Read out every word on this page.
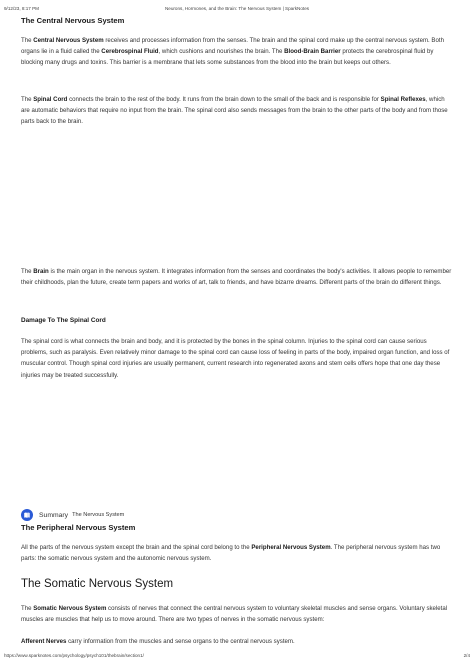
9/12/23, 8:17 PM	Neurons, Hormones, and the Brain: The Nervous System | SparkNotes
The Central Nervous System
The Central Nervous System receives and processes information from the senses. The brain and the spinal cord make up the central nervous system. Both organs lie in a fluid called the Cerebrospinal Fluid, which cushions and nourishes the brain. The Blood-Brain Barrier protects the cerebrospinal fluid by blocking many drugs and toxins. This barrier is a membrane that lets some substances from the blood into the brain but keeps out others.
The Spinal Cord connects the brain to the rest of the body. It runs from the brain down to the small of the back and is responsible for Spinal Reflexes, which are automatic behaviors that require no input from the brain. The spinal cord also sends messages from the brain to the other parts of the body and from those parts back to the brain.
The Brain is the main organ in the nervous system. It integrates information from the senses and coordinates the body's activities. It allows people to remember their childhoods, plan the future, create term papers and works of art, talk to friends, and have bizarre dreams. Different parts of the brain do different things.
Damage To The Spinal Cord
The spinal cord is what connects the brain and body, and it is protected by the bones in the spinal column. Injuries to the spinal cord can cause serious problems, such as paralysis. Even relatively minor damage to the spinal cord can cause loss of feeling in parts of the body, impaired organ function, and loss of muscular control. Though spinal cord injuries are usually permanent, current research into regenerated axons and stem cells offers hope that one day these injuries may be treated successfully.
Summary The Nervous System
The Peripheral Nervous System
All the parts of the nervous system except the brain and the spinal cord belong to the Peripheral Nervous System. The peripheral nervous system has two parts: the somatic nervous system and the autonomic nervous system.
The Somatic Nervous System
The Somatic Nervous System consists of nerves that connect the central nervous system to voluntary skeletal muscles and sense organs. Voluntary skeletal muscles are muscles that help us to move around. There are two types of nerves in the somatic nervous system:
Afferent Nerves carry information from the muscles and sense organs to the central nervous system.
https://www.sparknotes.com/psychology/psych101/thebrain/section1/	2/4
